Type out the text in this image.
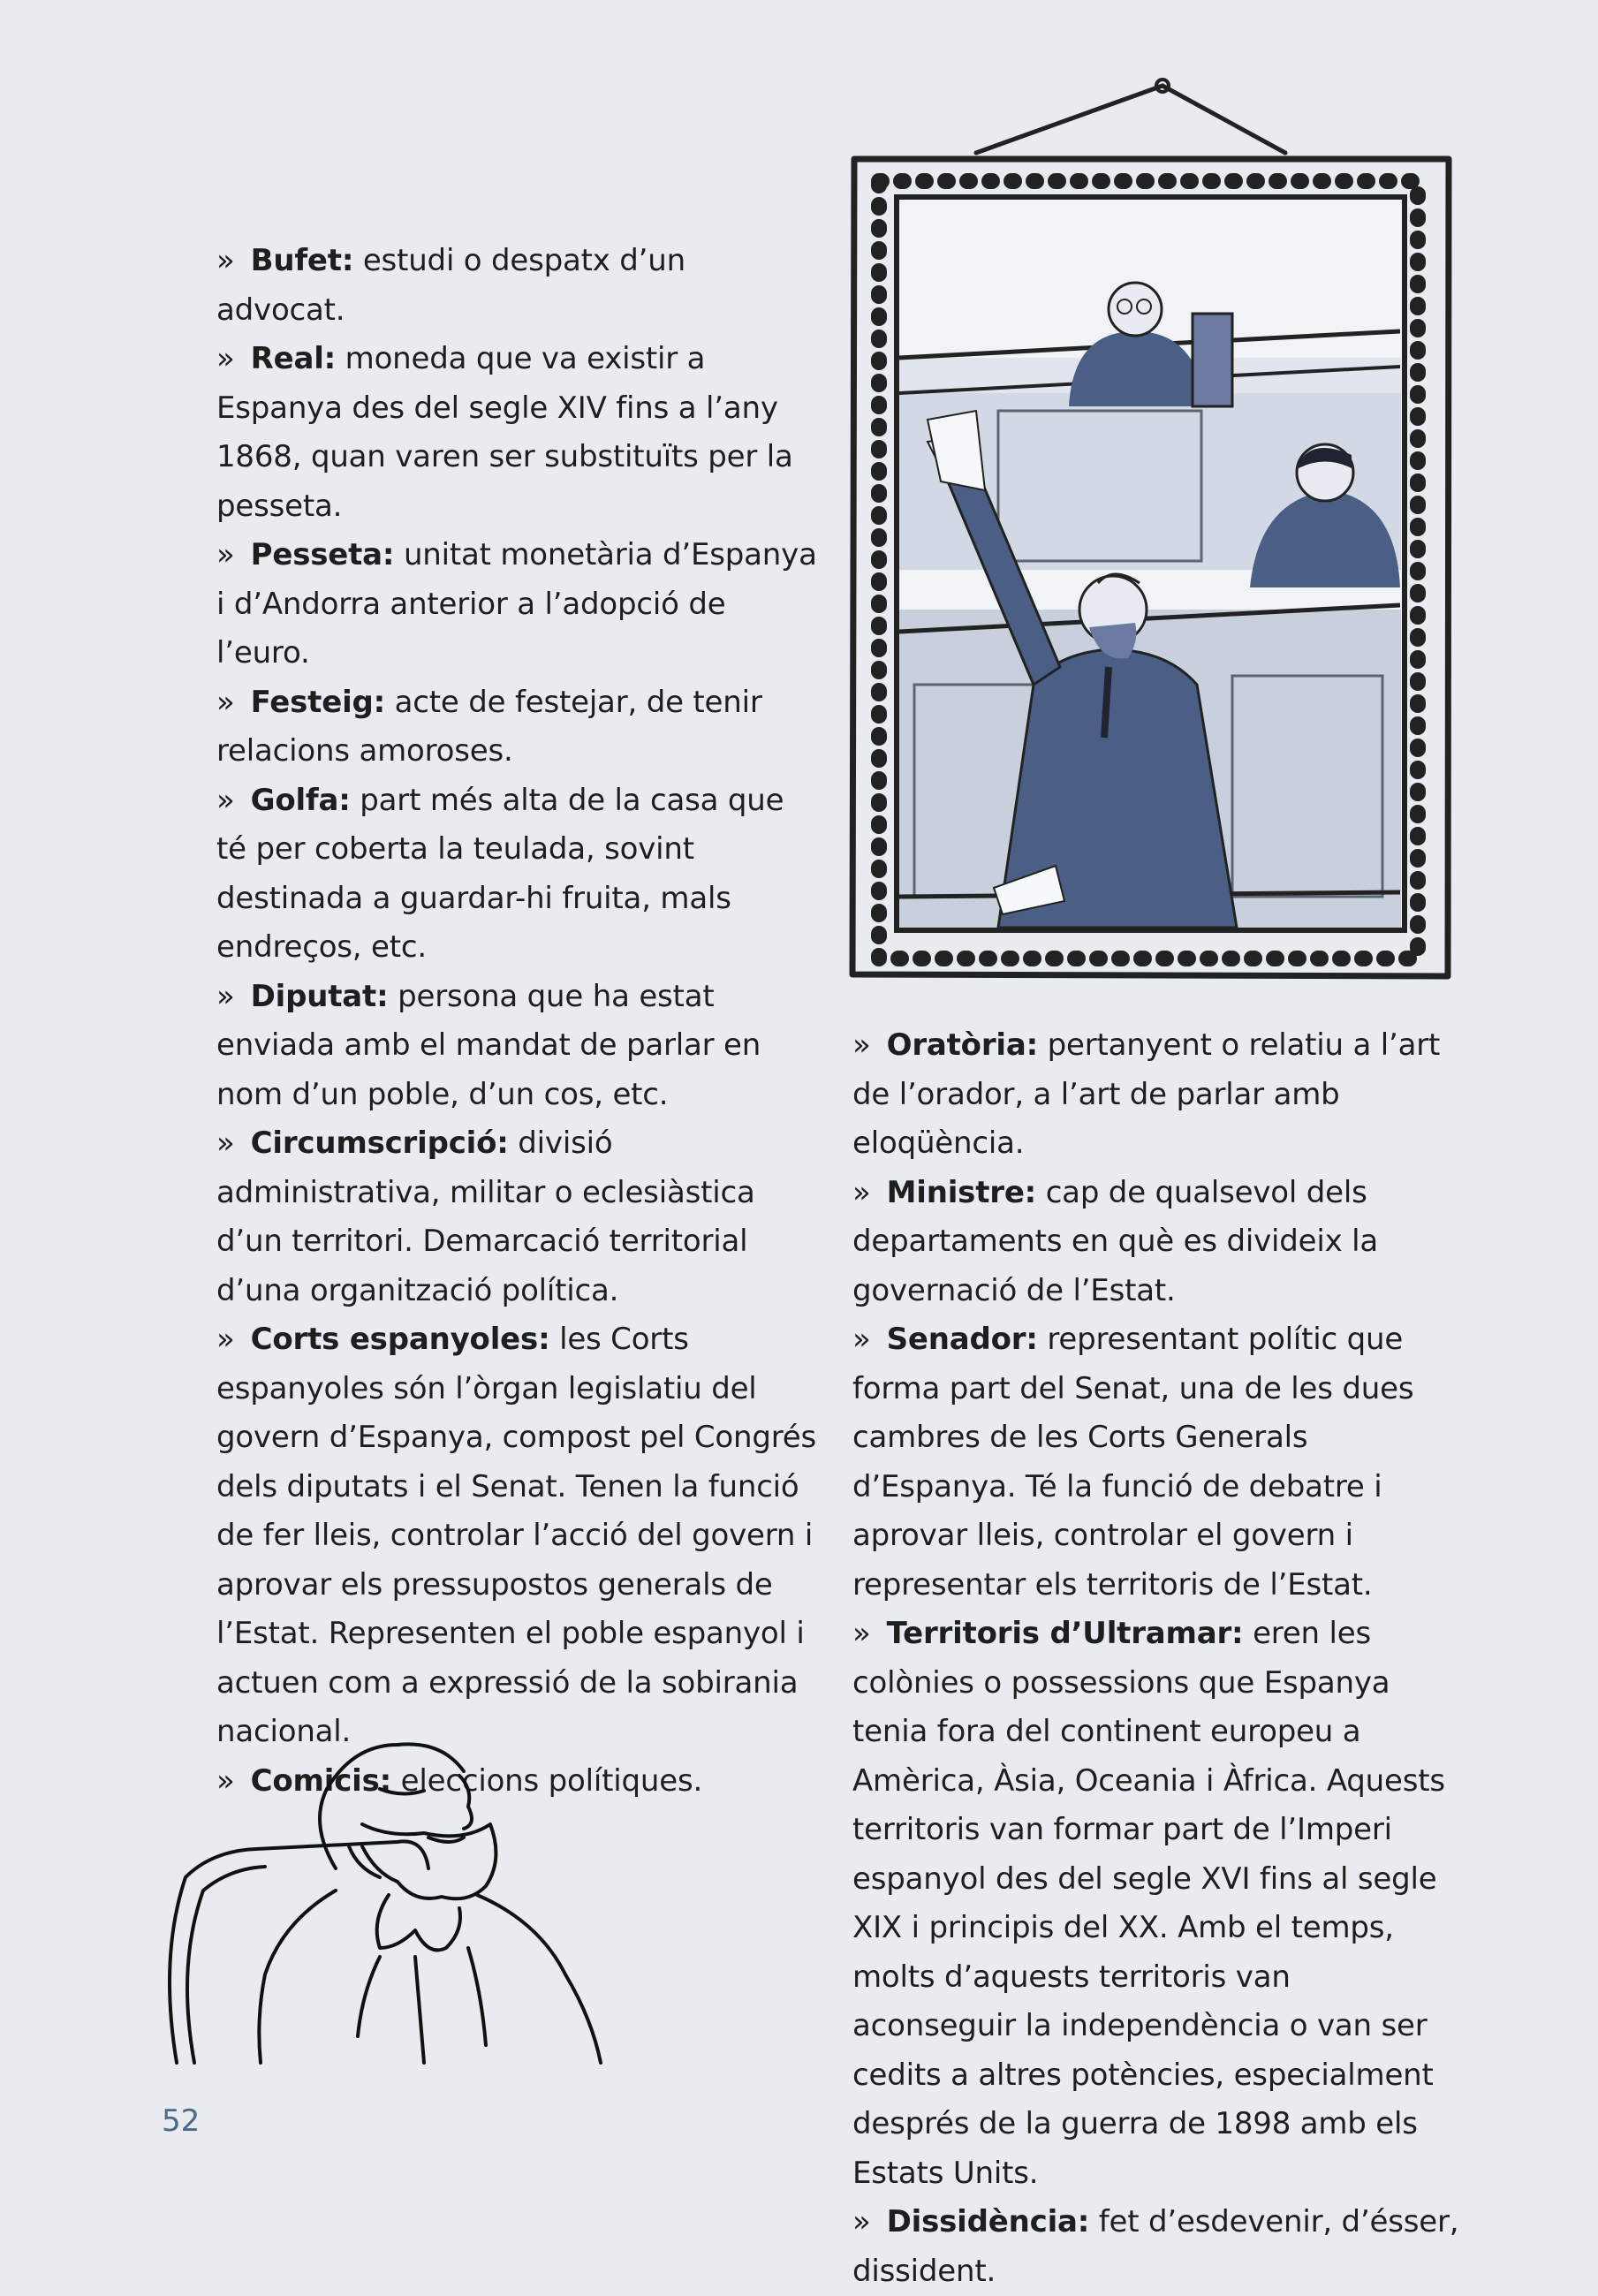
» Bufet: estudi o despatx d’un advocat.

» Real: moneda que va existir a Espanya des del segle XIV fins a l’any 1868, quan varen ser substituïts per la pesseta.

» Pesseta: unitat monetària d’Espanya i d’Andorra anterior a l’adopció de l’euro.

» Festeig: acte de festejar, de tenir relacions amoroses.

» Golfa: part més alta de la casa que té per coberta la teulada, sovint destinada a guardar-hi fruita, mals endreços, etc.

» Diputat: persona que ha estat enviada amb el mandat de parlar en nom d’un poble, d’un cos, etc.

» Circumscripció: divisió administrativa, militar o eclesiàstica d’un territori. Demarcació territorial d’una organització política.

» Corts espanyoles: les Corts espanyoles són l’òrgan legislatiu del govern d’Espanya, compost pel Congrés dels diputats i el Senat. Tenen la funció de fer lleis, controlar l’acció del govern i aprovar els pressupostos generals de l’Estat. Representen el poble espanyol i actuen com a expressió de la sobirania nacional.

» Comicis: eleccions polítiques.

» Oratòria: pertanyent o relatiu a l’art de l’orador, a l’art de parlar amb eloqüència.

» Ministre: cap de qualsevol dels departaments en què es divideix la governació de l’Estat.

» Senador: representant polític que forma part del Senat, una de les dues cambres de les Corts Generals d’Espanya. Té la funció de debatre i aprovar lleis, controlar el govern i representar els territoris de l’Estat.

» Territoris d’Ultramar: eren les colònies o possessions que Espanya tenia fora del continent europeu a Amèrica, Àsia, Oceania i Àfrica. Aquests territoris van formar part de l’Imperi espanyol des del segle XVI fins al segle XIX i principis del XX. Amb el temps, molts d’aquests territoris van aconseguir la independència o van ser cedits a altres potències, especialment després de la guerra de 1898 amb els Estats Units.

» Dissidència: fet d’esdevenir, d’ésser, dissident.

52
